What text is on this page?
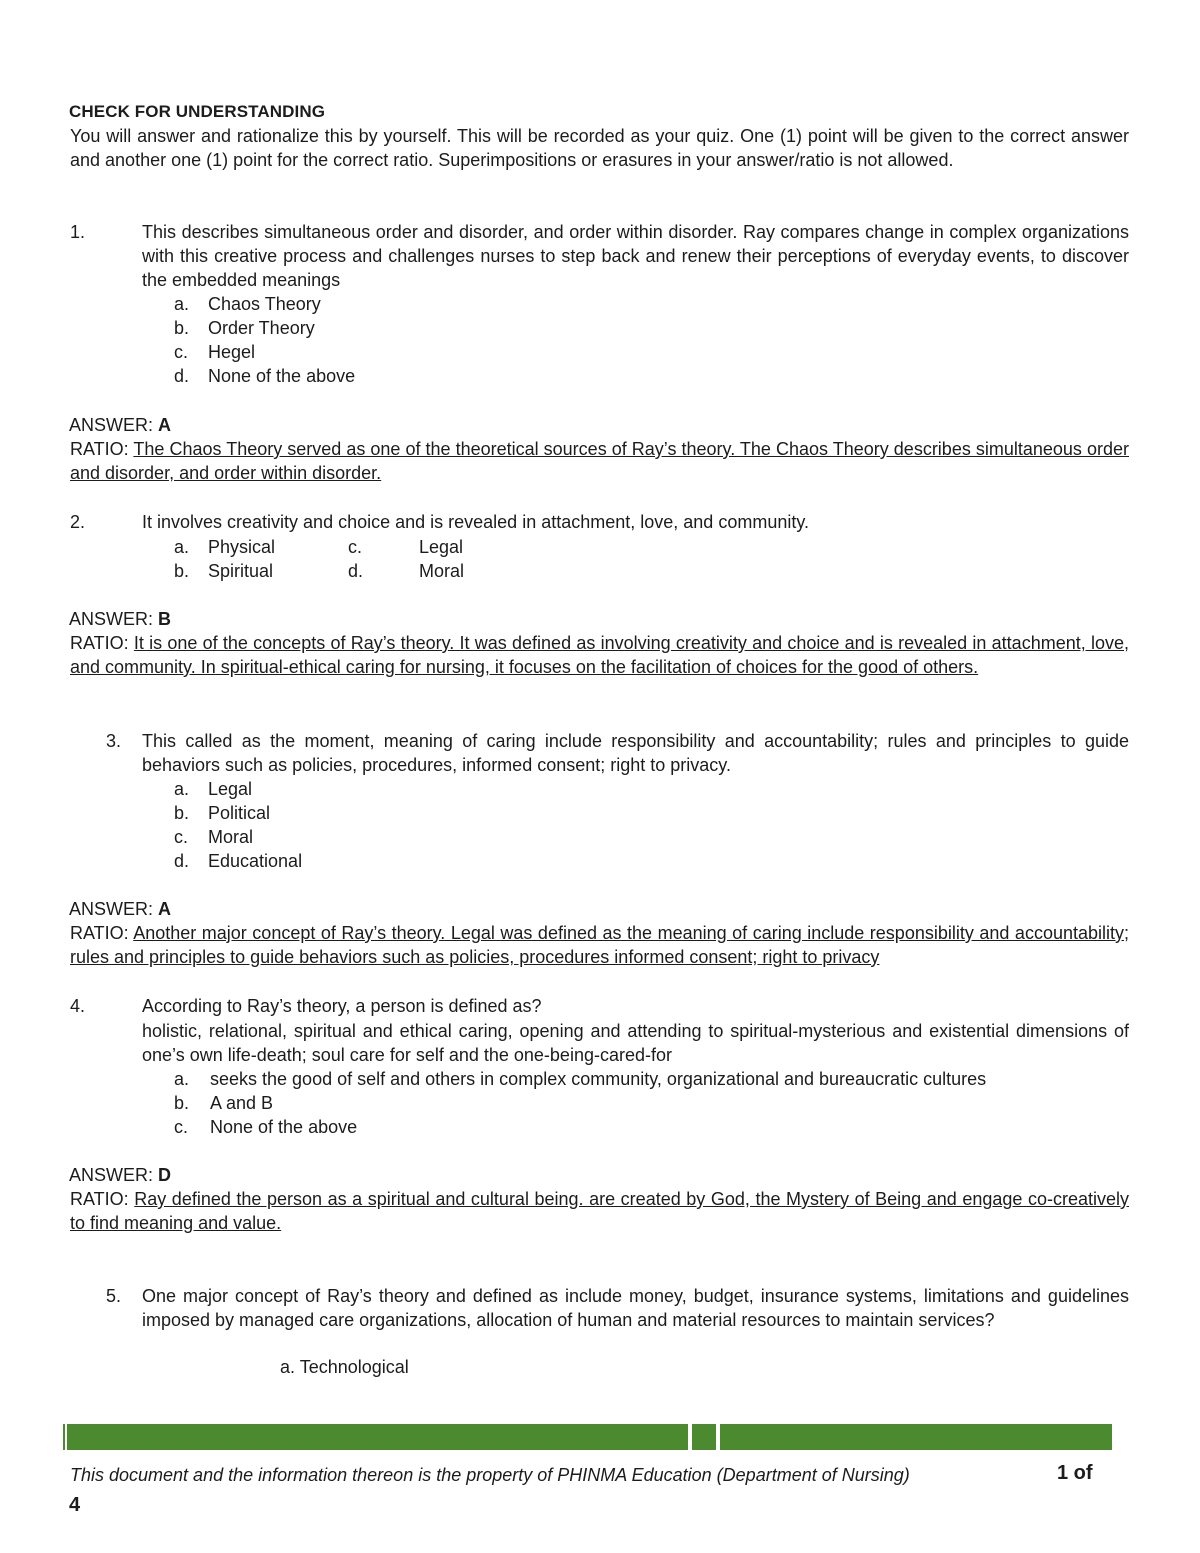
CHECK FOR UNDERSTANDING
You will answer and rationalize this by yourself. This will be recorded as your quiz. One (1) point will be given to the correct answer and another one (1) point for the correct ratio. Superimpositions or erasures in your answer/ratio is not allowed.
1.	This describes simultaneous order and disorder, and order within disorder. Ray compares change in complex organizations with this creative process and challenges nurses to step back and renew their perceptions of everyday events, to discover the embedded meanings
a. Chaos Theory
b. Order Theory
c. Hegel
d. None of the above
ANSWER: A
RATIO: The Chaos Theory served as one of the theoretical sources of Ray’s theory. The Chaos Theory describes simultaneous order and disorder, and order within disorder.
2.	It involves creativity and choice and is revealed in attachment, love, and community.
a. Physical
b. Spiritual
c.	Legal
d.	Moral
ANSWER: B
RATIO: It is one of the concepts of Ray’s theory. It was defined as involving creativity and choice and is revealed in attachment, love, and community. In spiritual-ethical caring for nursing, it focuses on the facilitation of choices for the good of others.
3.	This called as the moment, meaning of caring include responsibility and accountability; rules and principles to guide behaviors such as policies, procedures, informed consent; right to privacy.
a. Legal
b. Political
c. Moral
d. Educational
ANSWER: A
RATIO: Another major concept of Ray’s theory. Legal was defined as the meaning of caring include responsibility and accountability; rules and principles to guide behaviors such as policies, procedures informed consent; right to privacy
4.	According to Ray’s theory, a person is defined as?
holistic, relational, spiritual and ethical caring, opening and attending to spiritual-mysterious and existential dimensions of one’s own life-death; soul care for self and the one-being-cared-for
a. seeks the good of self and others in complex community, organizational and bureaucratic cultures
b. A and B
c. None of the above
ANSWER: D
RATIO: Ray defined the person as a spiritual and cultural being. are created by God, the Mystery of Being and engage co-creatively to find meaning and value.
5.	One major concept of Ray’s theory and defined as include money, budget, insurance systems, limitations and guidelines imposed by managed care organizations, allocation of human and material resources to maintain services?
a. Technological
This document and the information thereon is the property of PHINMA Education (Department of Nursing)	1 of
4
